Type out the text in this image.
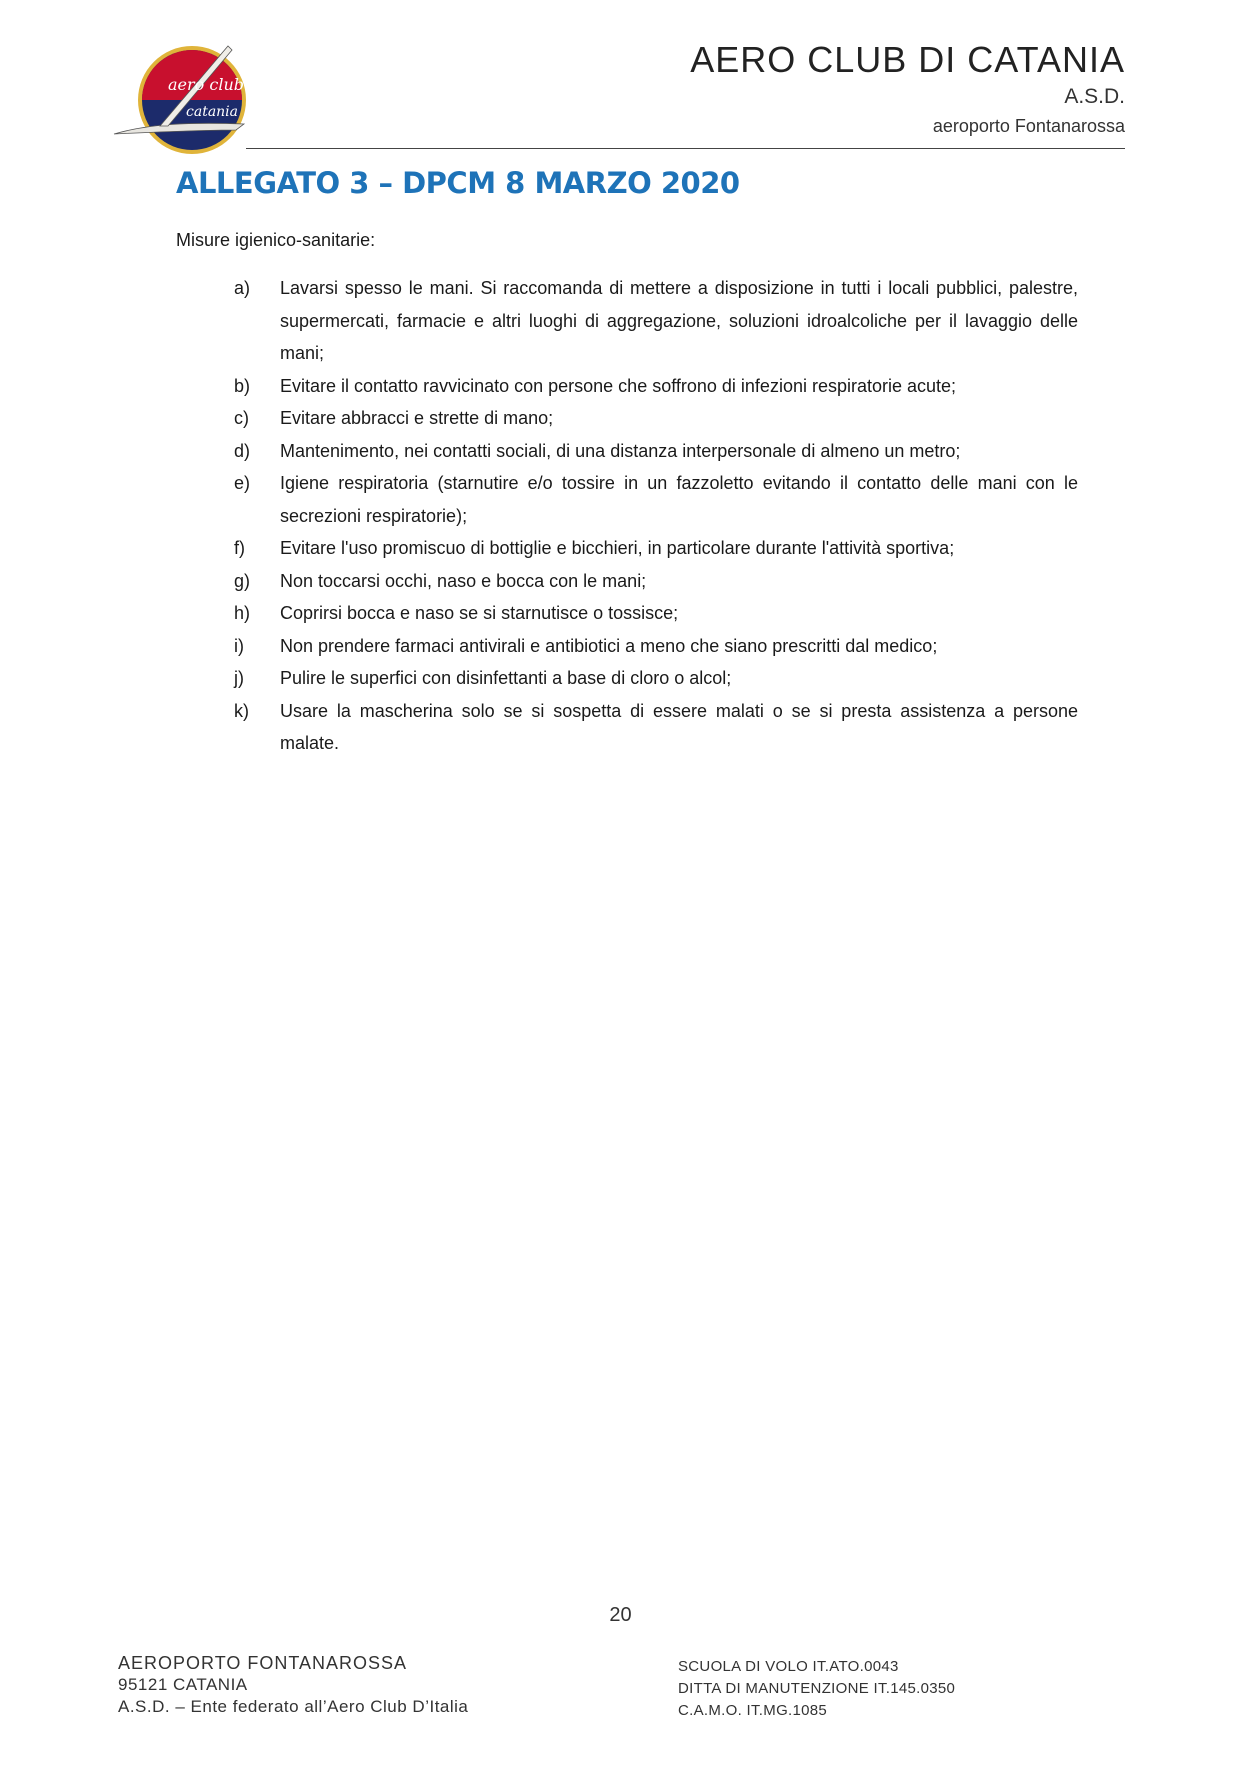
aero club
catania
AERO CLUB DI CATANIA
A.S.D.
aeroporto Fontanarossa
ALLEGATO 3 – DPCM 8 MARZO 2020
Misure igienico-sanitarie:
a) Lavarsi spesso le mani. Si raccomanda di mettere a disposizione in tutti i locali pubblici, palestre, supermercati, farmacie e altri luoghi di aggregazione, soluzioni idroalcoliche per il lavaggio delle mani;
b) Evitare il contatto ravvicinato con persone che soffrono di infezioni respiratorie acute;
c) Evitare abbracci e strette di mano;
d) Mantenimento, nei contatti sociali, di una distanza interpersonale di almeno un metro;
e) Igiene respiratoria (starnutire e/o tossire in un fazzoletto evitando il contatto delle mani con le secrezioni respiratorie);
f) Evitare l'uso promiscuo di bottiglie e bicchieri, in particolare durante l'attività sportiva;
g) Non toccarsi occhi, naso e bocca con le mani;
h) Coprirsi bocca e naso se si starnutisce o tossisce;
i) Non prendere farmaci antivirali e antibiotici a meno che siano prescritti dal medico;
j) Pulire le superfici con disinfettanti a base di cloro o alcol;
k) Usare la mascherina solo se si sospetta di essere malati o se si presta assistenza a persone malate.
20
AEROPORTO FONTANAROSSA
95121 CATANIA
A.S.D. – Ente federato all’Aero Club D’Italia
SCUOLA DI VOLO IT.ATO.0043
DITTA DI MANUTENZIONE IT.145.0350
C.A.M.O. IT.MG.1085
